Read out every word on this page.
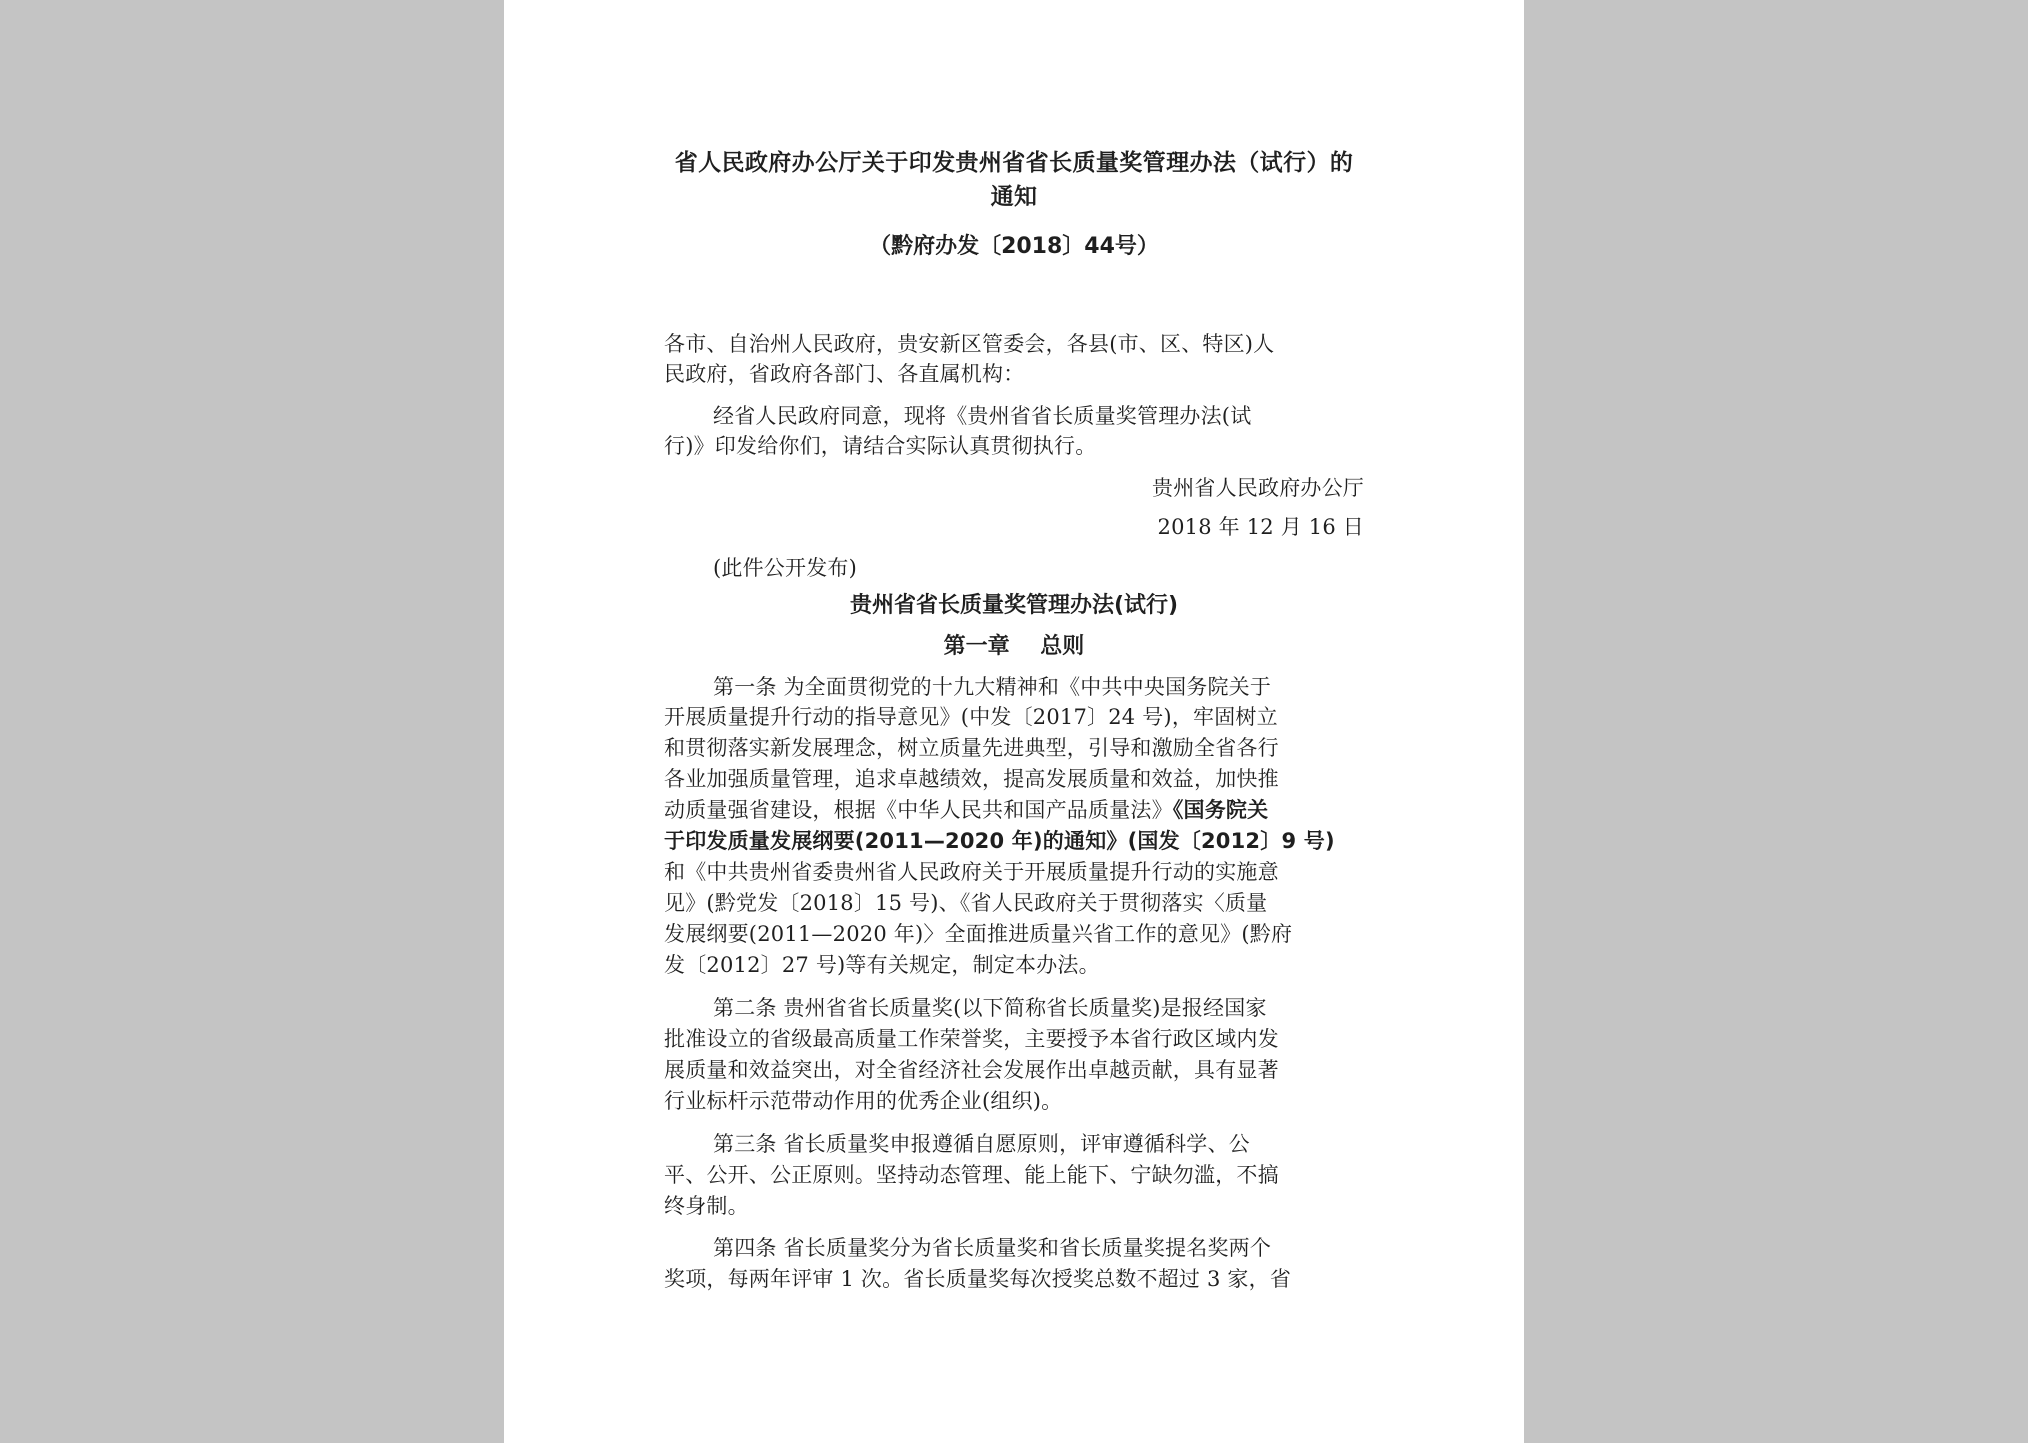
省人民政府办公厅关于印发贵州省省长质量奖管理办法（试行）的
通知
（黔府办发〔2018〕44号）
各市、自治州人民政府，贵安新区管委会，各县(市、区、特区)人
民政府，省政府各部门、各直属机构：
经省人民政府同意，现将《贵州省省长质量奖管理办法(试
行)》印发给你们，请结合实际认真贯彻执行。
贵州省人民政府办公厅
2018 年 12 月 16 日
(此件公开发布)
贵州省省长质量奖管理办法(试行)
第一章    总则
第一条 为全面贯彻党的十九大精神和《中共中央国务院关于
开展质量提升行动的指导意见》(中发〔2017〕24 号)，牢固树立
和贯彻落实新发展理念，树立质量先进典型，引导和激励全省各行
各业加强质量管理，追求卓越绩效，提高发展质量和效益，加快推
动质量强省建设，根据《中华人民共和国产品质量法》《国务院关
于印发质量发展纲要(2011—2020 年)的通知》(国发〔2012〕9 号)
和《中共贵州省委贵州省人民政府关于开展质量提升行动的实施意
见》(黔党发〔2018〕15 号)、《省人民政府关于贯彻落实〈质量
发展纲要(2011—2020 年)〉全面推进质量兴省工作的意见》(黔府
发〔2012〕27 号)等有关规定，制定本办法。
第二条 贵州省省长质量奖(以下简称省长质量奖)是报经国家
批准设立的省级最高质量工作荣誉奖，主要授予本省行政区域内发
展质量和效益突出，对全省经济社会发展作出卓越贡献，具有显著
行业标杆示范带动作用的优秀企业(组织)。
第三条 省长质量奖申报遵循自愿原则，评审遵循科学、公
平、公开、公正原则。坚持动态管理、能上能下、宁缺勿滥，不搞
终身制。
第四条 省长质量奖分为省长质量奖和省长质量奖提名奖两个
奖项，每两年评审 1 次。省长质量奖每次授奖总数不超过 3 家，省
